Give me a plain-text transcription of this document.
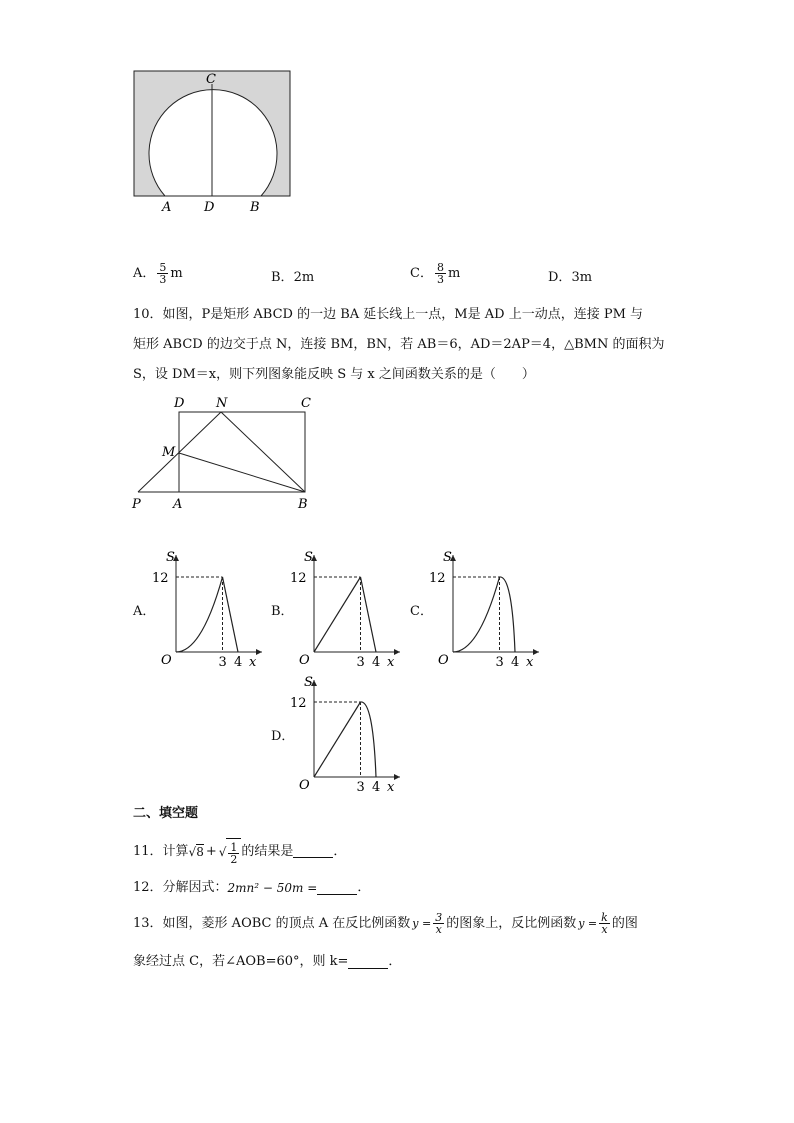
C
A	D	B
A． $\frac{5}{3}$ m	B． 2m	C． $\frac{8}{3}$ m	D． 3m
10．如图，P是矩形 ABCD 的一边 BA 延长线上一点，M是 AD 上一动点，连接 PM 与
矩形 ABCD 的边交于点 N，连接 BM，BN，若 AB＝6，AD＝2AP＝4，△BMN 的面积为
S，设 DM＝x，则下列图象能反映 S 与 x 之间函数关系的是（　　）
D N	C
M
P A	B
A．	B．	C．
D．
S
12
O	3 4 x
S
12
O	3 4 x
S
12
O	3 4 x
S
12
O	3 4 x
二、填空题
11．计算 √8 + √ $\frac{1}{2}$ 的结果是	．
12．分解因式： 2mn² − 50m =	．
13．如图，菱形 AOBC 的顶点 A 在反比例函数 $y = \frac{3}{x}$ 的图象上，反比例函数 $y = \frac{k}{x}$ 的图
象经过点 C，若∠AOB=60°，则 k=	．
